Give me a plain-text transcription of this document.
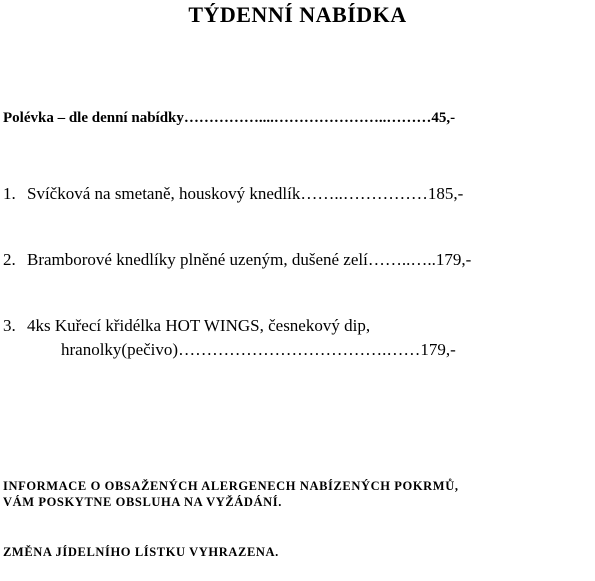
TÝDENNÍ NABÍDKA
Polévka – dle denní nabídky……………....…………………..………45,-
1. Svíčková na smetaně, houskový knedlík……..……………185,-
2. Bramborové knedlíky plněné uzeným, dušené zelí……..…..179,-
3. 4ks Kuřecí křidélka HOT WINGS, česnekový dip,
hranolky(pečivo)……………………………….……179,-
INFORMACE O OBSAŽENÝCH ALERGENECH NABÍZENÝCH POKRMŮ,
VÁM POSKYTNE OBSLUHA NA VYŽÁDÁNÍ.
ZMĚNA JÍDELNÍHO LÍSTKU VYHRAZENA.
